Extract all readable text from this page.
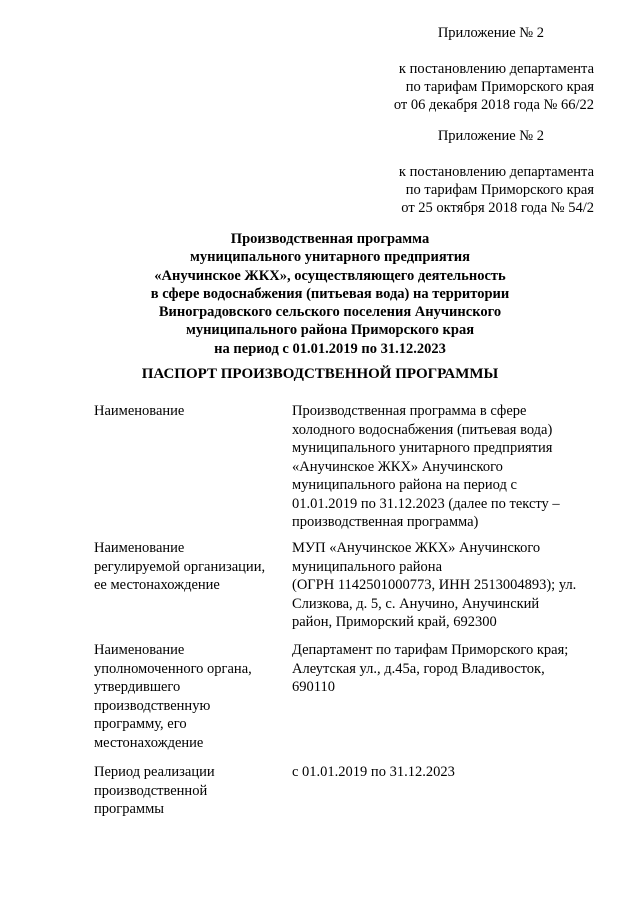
Приложение № 2
к постановлению департамента
по тарифам Приморского края
от 06 декабря 2018 года № 66/22
Приложение № 2
к постановлению департамента
по тарифам Приморского края
от 25 октября 2018 года № 54/2
Производственная программа
муниципального унитарного предприятия
«Анучинское ЖКХ», осуществляющего деятельность
в сфере водоснабжения (питьевая вода) на территории
Виноградовского сельского поселения Анучинского
муниципального района Приморского края
на период с 01.01.2019 по 31.12.2023
ПАСПОРТ ПРОИЗВОДСТВЕННОЙ ПРОГРАММЫ
Наименование	Производственная программа в сфере
холодного водоснабжения (питьевая вода)
муниципального унитарного предприятия
«Анучинское ЖКХ» Анучинского
муниципального района на период с
01.01.2019 по 31.12.2023 (далее по тексту –
производственная программа)
Наименование
регулируемой организации,
ее местонахождение
МУП «Анучинское ЖКХ» Анучинского
муниципального района
(ОГРН 1142501000773, ИНН 2513004893); ул.
Слизкова, д. 5, с. Анучино, Анучинский
район, Приморский край, 692300
Наименование
уполномоченного органа,
утвердившего
производственную
программу, его
местонахождение
Департамент по тарифам Приморского края;
Алеутская ул., д.45а, город Владивосток,
690110
Период реализации
производственной
программы
с 01.01.2019 по 31.12.2023
